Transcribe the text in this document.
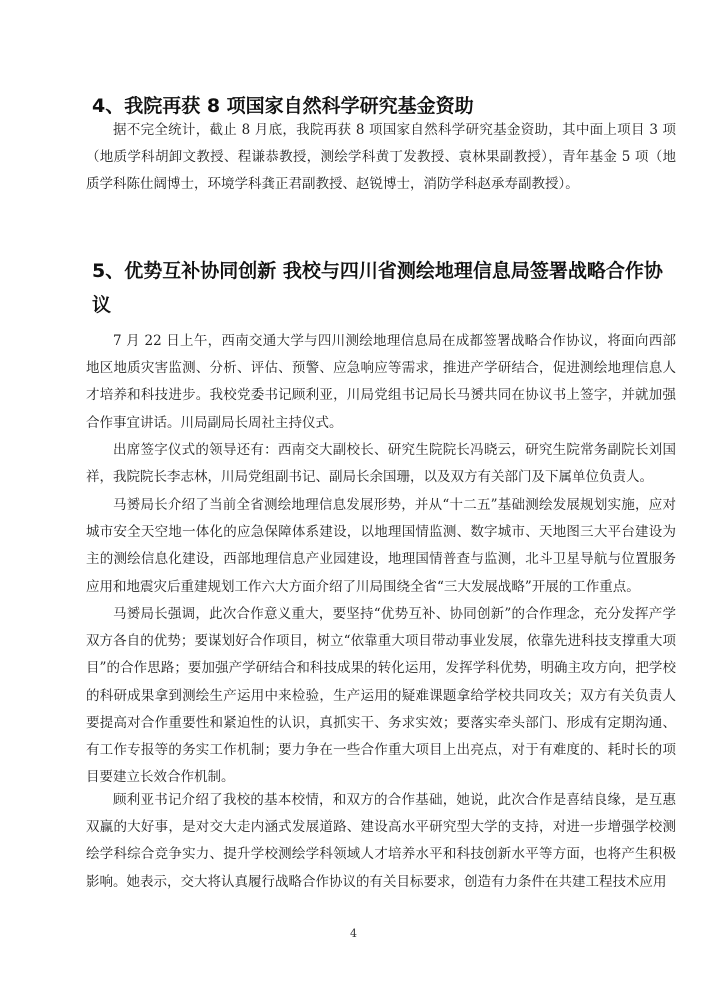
4、我院再获 8 项国家自然科学研究基金资助

据不完全统计，截止 8 月底，我院再获 8 项国家自然科学研究基金资助，其中面上项目 3 项（地质学科胡卸文教授、程谦恭教授，测绘学科黄丁发教授、袁林果副教授），青年基金 5 项（地质学科陈仕阔博士，环境学科龚正君副教授、赵锐博士，消防学科赵承寿副教授）。

5、优势互补协同创新 我校与四川省测绘地理信息局签署战略合作协议

7 月 22 日上午，西南交通大学与四川测绘地理信息局在成都签署战略合作协议，将面向西部地区地质灾害监测、分析、评估、预警、应急响应等需求，推进产学研结合，促进测绘地理信息人才培养和科技进步。我校党委书记顾利亚，川局党组书记局长马赟共同在协议书上签字，并就加强合作事宜讲话。川局副局长周社主持仪式。

出席签字仪式的领导还有：西南交大副校长、研究生院院长冯晓云，研究生院常务副院长刘国祥，我院院长李志林，川局党组副书记、副局长余国珊，以及双方有关部门及下属单位负责人。

马赟局长介绍了当前全省测绘地理信息发展形势，并从“十二五”基础测绘发展规划实施，应对城市安全天空地一体化的应急保障体系建设，以地理国情监测、数字城市、天地图三大平台建设为主的测绘信息化建设，西部地理信息产业园建设，地理国情普查与监测，北斗卫星导航与位置服务应用和地震灾后重建规划工作六大方面介绍了川局围绕全省“三大发展战略”开展的工作重点。

马赟局长强调，此次合作意义重大，要坚持“优势互补、协同创新”的合作理念，充分发挥产学双方各自的优势；要谋划好合作项目，树立“依靠重大项目带动事业发展，依靠先进科技支撑重大项目”的合作思路；要加强产学研结合和科技成果的转化运用，发挥学科优势，明确主攻方向，把学校的科研成果拿到测绘生产运用中来检验，生产运用的疑难课题拿给学校共同攻关；双方有关负责人要提高对合作重要性和紧迫性的认识，真抓实干、务求实效；要落实牵头部门、形成有定期沟通、有工作专报等的务实工作机制；要力争在一些合作重大项目上出亮点，对于有难度的、耗时长的项目要建立长效合作机制。

顾利亚书记介绍了我校的基本校情，和双方的合作基础，她说，此次合作是喜结良缘，是互惠双赢的大好事，是对交大走内涵式发展道路、建设高水平研究型大学的支持，对进一步增强学校测绘学科综合竞争实力、提升学校测绘学科领域人才培养水平和科技创新水平等方面，也将产生积极影响。她表示，交大将认真履行战略合作协议的有关目标要求，创造有力条件在共建工程技术应用

4
